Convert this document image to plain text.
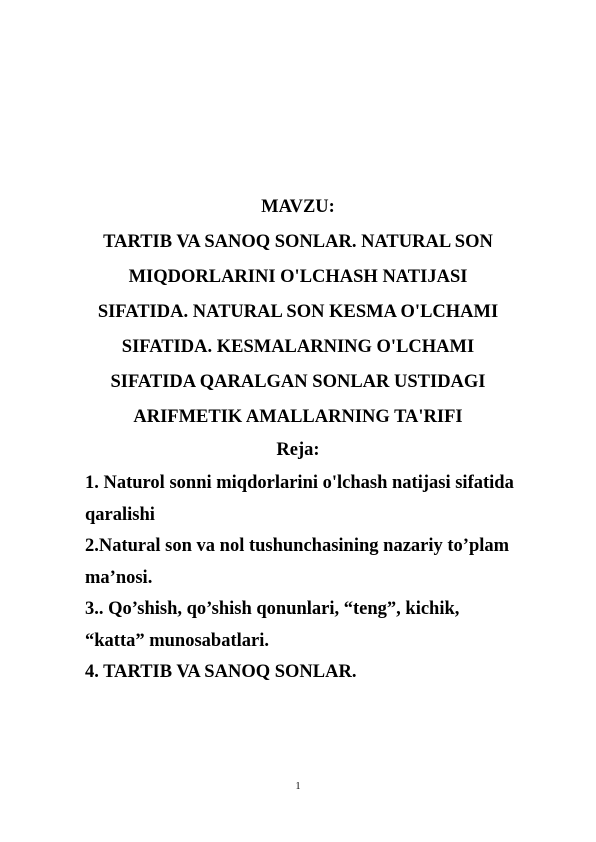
MAVZU:
TARTIB VA SANOQ SONLAR. NATURAL SON
MIQDORLARINI O'LCHASH NATIJASI
SIFATIDA. NATURAL SON KESMA O'LCHAMI
SIFATIDA. KESMALARNING O'LCHAMI
SIFATIDA QARALGAN SONLAR USTIDAGI
ARIFMETIK AMALLARNING TA'RIFI
Reja:
1. Naturol sonni miqdorlarini o'lchash natijasi sifatida
qaralishi
2.Natural son va nol tushunchasining nazariy to’plam
ma’nosi.
3.. Qo’shish, qo’shish qonunlari, “teng”, kichik,
“katta” munosabatlari.
4. TARTIB VA SANOQ SONLAR.
1
